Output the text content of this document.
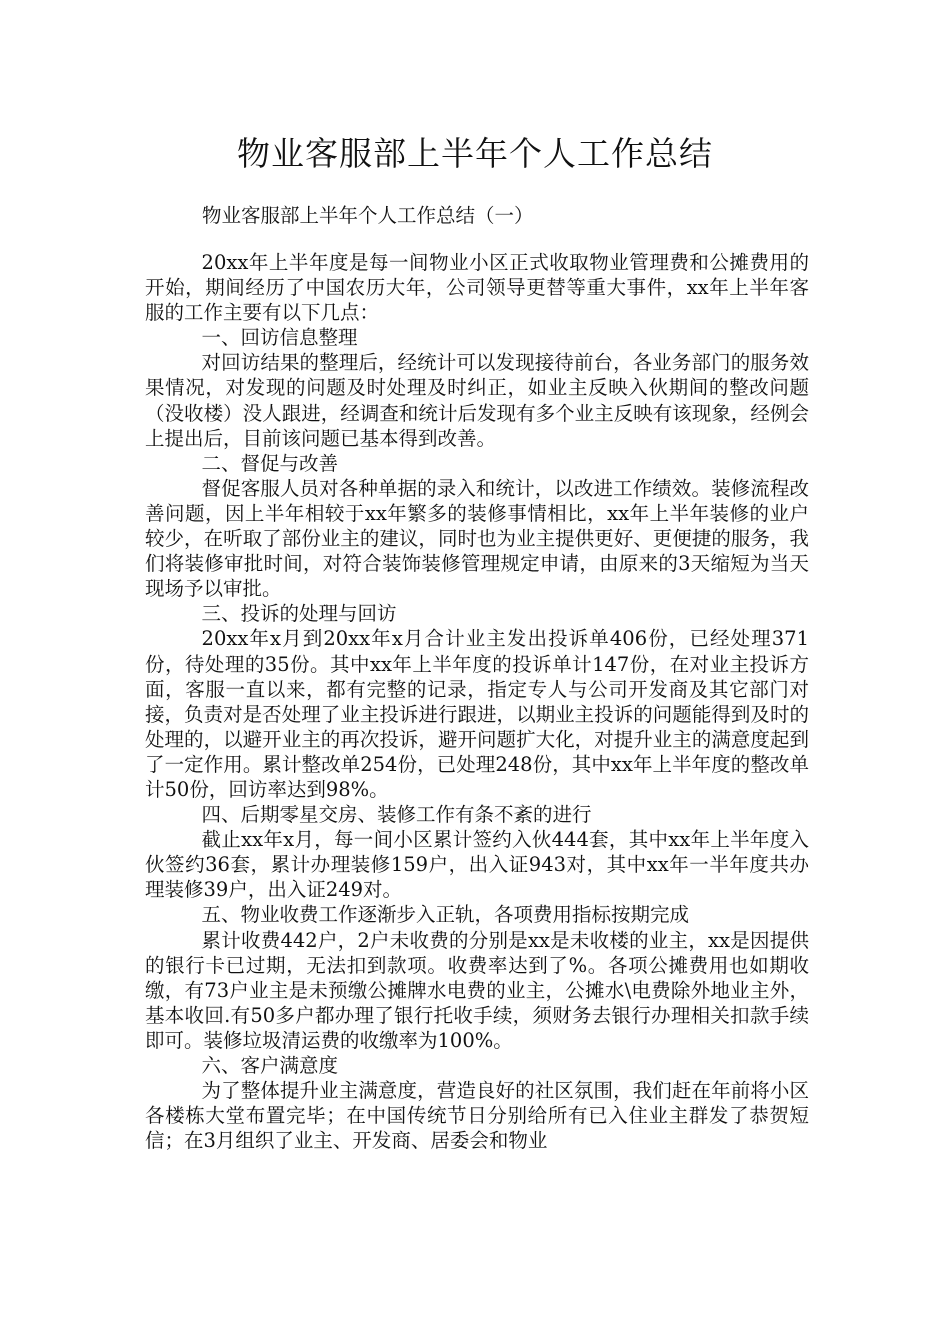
物业客服部上半年个人工作总结
物业客服部上半年个人工作总结（一）

20xx年上半年度是每一间物业小区正式收取物业管理费和公摊费用的开始，期间经历了中国农历大年，公司领导更替等重大事件，xx年上半年客服的工作主要有以下几点：

一、回访信息整理

对回访结果的整理后，经统计可以发现接待前台，各业务部门的服务效果情况，对发现的问题及时处理及时纠正，如业主反映入伙期间的整改问题（没收楼）没人跟进，经调查和统计后发现有多个业主反映有该现象，经例会上提出后，目前该问题已基本得到改善。

二、督促与改善

督促客服人员对各种单据的录入和统计，以改进工作绩效。装修流程改善问题，因上半年相较于xx年繁多的装修事情相比，xx年上半年装修的业户较少，在听取了部份业主的建议，同时也为业主提供更好、更便捷的服务，我们将装修审批时间，对符合装饰装修管理规定申请，由原来的3天缩短为当天现场予以审批。

三、投诉的处理与回访

20xx年x月到20xx年x月合计业主发出投诉单406份，已经处理371份，待处理的35份。其中xx年上半年度的投诉单计147份，在对业主投诉方面，客服一直以来，都有完整的记录，指定专人与公司开发商及其它部门对接，负责对是否处理了业主投诉进行跟进，以期业主投诉的问题能得到及时的处理的，以避开业主的再次投诉，避开问题扩大化，对提升业主的满意度起到了一定作用。累计整改单254份，已处理248份，其中xx年上半年度的整改单计50份，回访率达到98%。

四、后期零星交房、装修工作有条不紊的进行

截止xx年x月，每一间小区累计签约入伙444套，其中xx年上半年度入伙签约36套，累计办理装修159户，出入证943对，其中xx年一半年度共办理装修39户，出入证249对。

五、物业收费工作逐渐步入正轨，各项费用指标按期完成

累计收费442户，2户未收费的分别是xx是未收楼的业主，xx是因提供的银行卡已过期，无法扣到款项。收费率达到了%。各项公摊费用也如期收缴，有73户业主是未预缴公摊牌水电费的业主，公摊水\电费除外地业主外，基本收回.有50多户都办理了银行托收手续，须财务去银行办理相关扣款手续即可。装修垃圾清运费的收缴率为100%。

六、客户满意度

为了整体提升业主满意度，营造良好的社区氛围，我们赶在年前将小区各楼栋大堂布置完毕；在中国传统节日分别给所有已入住业主群发了恭贺短信；在3月组织了业主、开发商、居委会和物业
